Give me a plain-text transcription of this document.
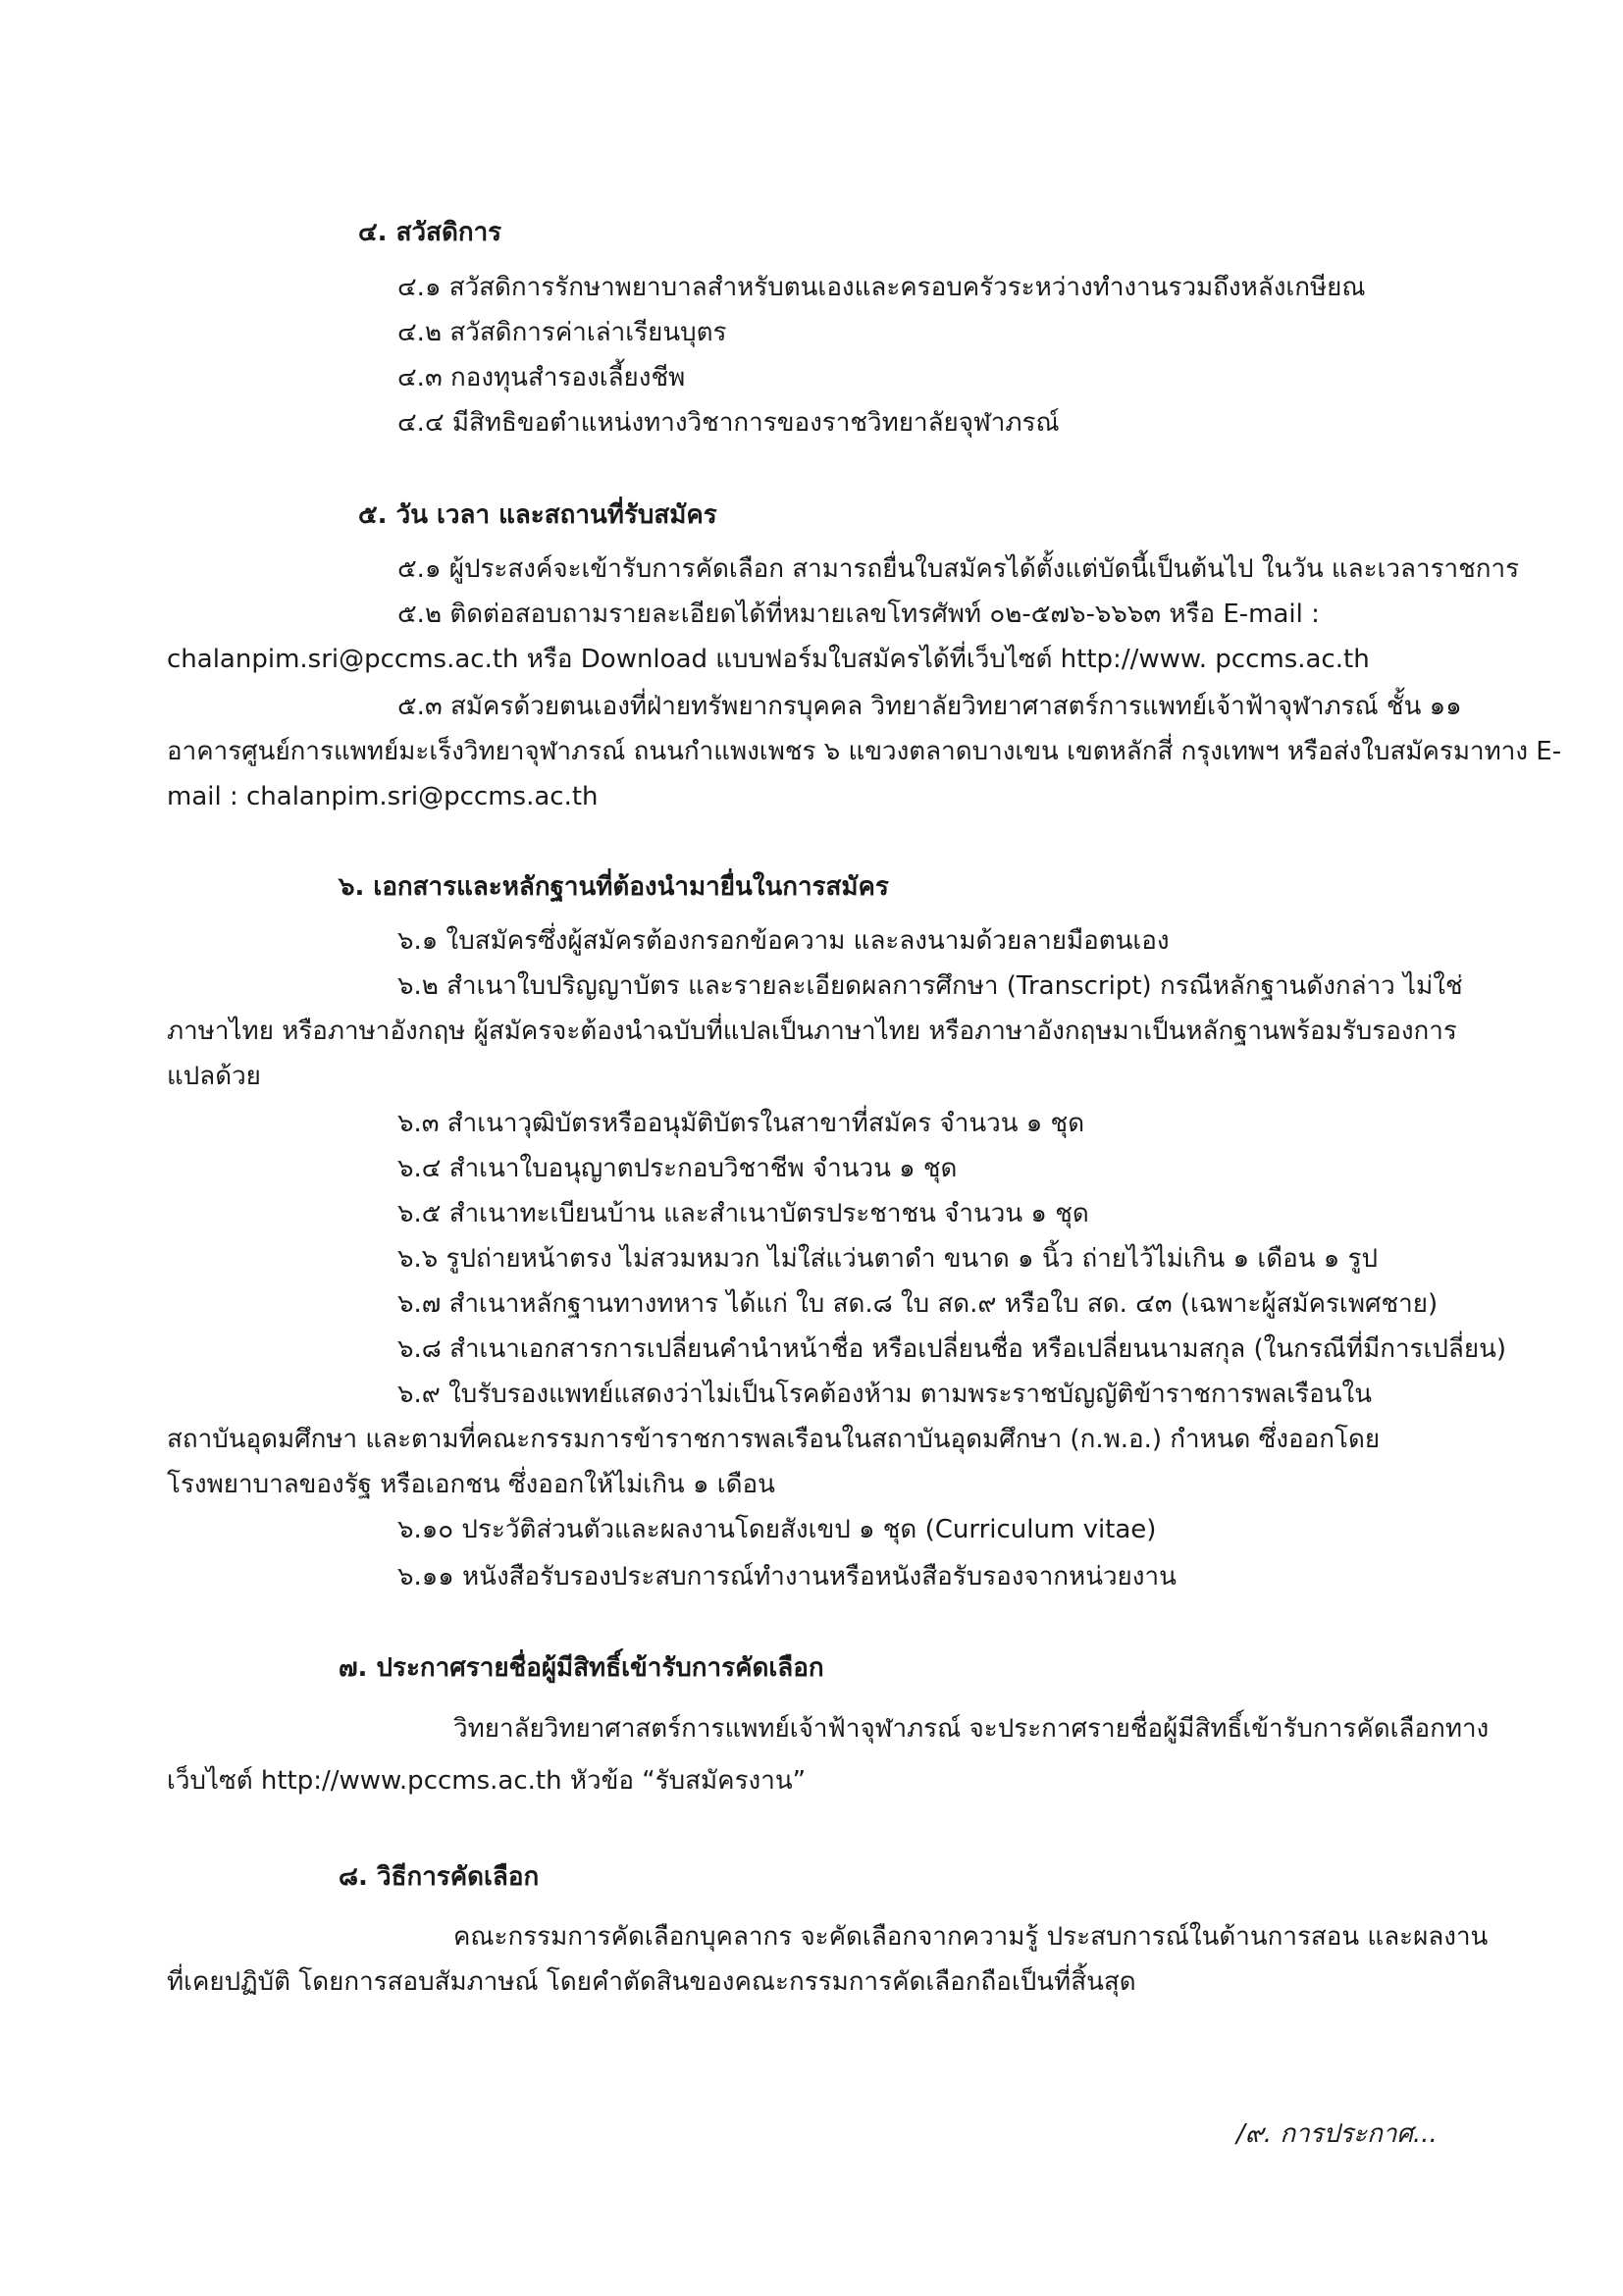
๔. สวัสดิการ
๔.๑ สวัสดิการรักษาพยาบาลสำหรับตนเองและครอบครัวระหว่างทำงานรวมถึงหลังเกษียณ
๔.๒ สวัสดิการค่าเล่าเรียนบุตร
๔.๓ กองทุนสำรองเลี้ยงชีพ
๔.๔ มีสิทธิขอตำแหน่งทางวิชาการของราชวิทยาลัยจุฬาภรณ์
๕. วัน เวลา และสถานที่รับสมัคร
๕.๑ ผู้ประสงค์จะเข้ารับการคัดเลือก สามารถยื่นใบสมัครได้ตั้งแต่บัดนี้เป็นต้นไป ในวัน และเวลาราชการ
๕.๒ ติดต่อสอบถามรายละเอียดได้ที่หมายเลขโทรศัพท์ ๐๒-๕๗๖-๖๖๖๓ หรือ E-mail :
chalanpim.sri@pccms.ac.th หรือ Download แบบฟอร์มใบสมัครได้ที่เว็บไซต์ http://www. pccms.ac.th
๕.๓ สมัครด้วยตนเองที่ฝ่ายทรัพยากรบุคคล วิทยาลัยวิทยาศาสตร์การแพทย์เจ้าฟ้าจุฬาภรณ์ ชั้น ๑๑
อาคารศูนย์การแพทย์มะเร็งวิทยาจุฬาภรณ์ ถนนกำแพงเพชร ๖ แขวงตลาดบางเขน เขตหลักสี่ กรุงเทพฯ หรือส่งใบสมัครมาทาง E-
mail : chalanpim.sri@pccms.ac.th
๖. เอกสารและหลักฐานที่ต้องนำมายื่นในการสมัคร
๖.๑ ใบสมัครซึ่งผู้สมัครต้องกรอกข้อความ และลงนามด้วยลายมือตนเอง
๖.๒ สำเนาใบปริญญาบัตร และรายละเอียดผลการศึกษา (Transcript) กรณีหลักฐานดังกล่าว ไม่ใช่
ภาษาไทย หรือภาษาอังกฤษ ผู้สมัครจะต้องนำฉบับที่แปลเป็นภาษาไทย หรือภาษาอังกฤษมาเป็นหลักฐานพร้อมรับรองการ
แปลด้วย
๖.๓ สำเนาวุฒิบัตรหรืออนุมัติบัตรในสาขาที่สมัคร จำนวน ๑ ชุด
๖.๔ สำเนาใบอนุญาตประกอบวิชาชีพ จำนวน ๑ ชุด
๖.๕ สำเนาทะเบียนบ้าน และสำเนาบัตรประชาชน จำนวน ๑ ชุด
๖.๖ รูปถ่ายหน้าตรง ไม่สวมหมวก ไม่ใส่แว่นตาดำ ขนาด ๑ นิ้ว ถ่ายไว้ไม่เกิน ๑ เดือน ๑ รูป
๖.๗ สำเนาหลักฐานทางทหาร ได้แก่ ใบ สด.๘ ใบ สด.๙ หรือใบ สด. ๔๓ (เฉพาะผู้สมัครเพศชาย)
๖.๘ สำเนาเอกสารการเปลี่ยนคำนำหน้าชื่อ หรือเปลี่ยนชื่อ หรือเปลี่ยนนามสกุล (ในกรณีที่มีการเปลี่ยน)
๖.๙ ใบรับรองแพทย์แสดงว่าไม่เป็นโรคต้องห้าม ตามพระราชบัญญัติข้าราชการพลเรือนใน
สถาบันอุดมศึกษา และตามที่คณะกรรมการข้าราชการพลเรือนในสถาบันอุดมศึกษา (ก.พ.อ.) กำหนด ซึ่งออกโดย
โรงพยาบาลของรัฐ หรือเอกชน ซึ่งออกให้ไม่เกิน ๑ เดือน
๖.๑๐ ประวัติส่วนตัวและผลงานโดยสังเขป ๑ ชุด (Curriculum vitae)
๖.๑๑ หนังสือรับรองประสบการณ์ทำงานหรือหนังสือรับรองจากหน่วยงาน
๗. ประกาศรายชื่อผู้มีสิทธิ์เข้ารับการคัดเลือก
วิทยาลัยวิทยาศาสตร์การแพทย์เจ้าฟ้าจุฬาภรณ์ จะประกาศรายชื่อผู้มีสิทธิ์เข้ารับการคัดเลือกทาง
เว็บไซต์ http://www.pccms.ac.th หัวข้อ “รับสมัครงาน”
๘. วิธีการคัดเลือก
คณะกรรมการคัดเลือกบุคลากร จะคัดเลือกจากความรู้ ประสบการณ์ในด้านการสอน และผลงาน
ที่เคยปฏิบัติ โดยการสอบสัมภาษณ์ โดยคำตัดสินของคณะกรรมการคัดเลือกถือเป็นที่สิ้นสุด
/๙. การประกาศ...
